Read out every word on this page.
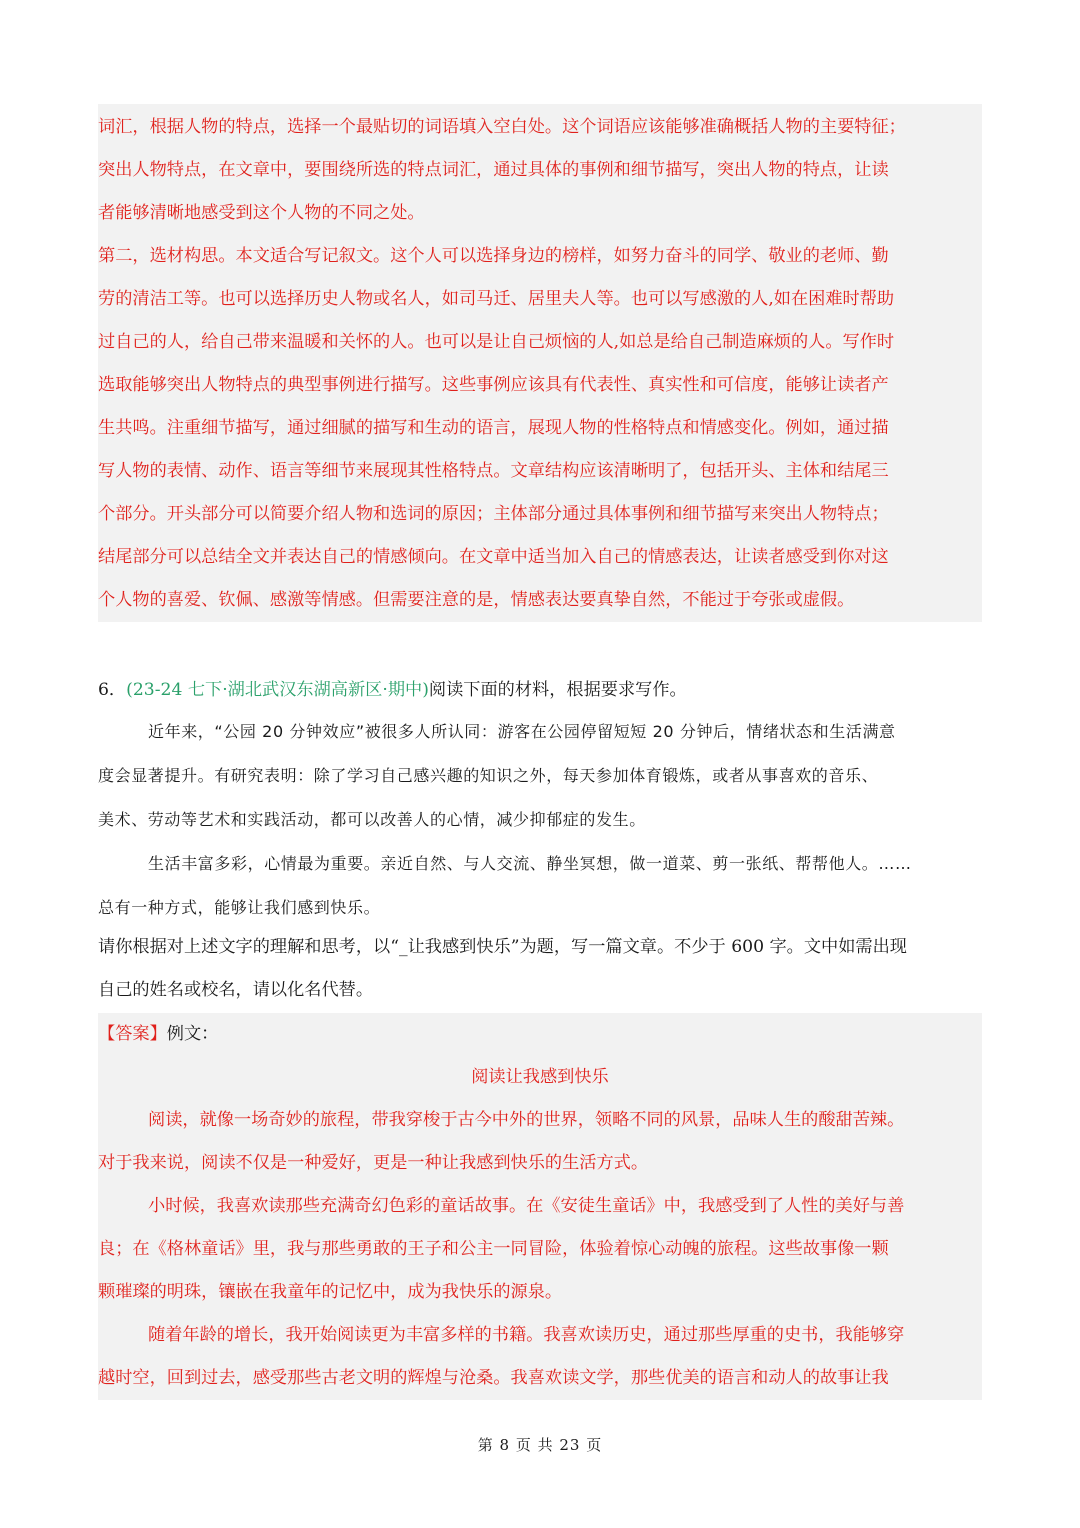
词汇，根据人物的特点，选择一个最贴切的词语填入空白处。这个词语应该能够准确概括人物的主要特征；
突出人物特点，在文章中，要围绕所选的特点词汇，通过具体的事例和细节描写，突出人物的特点，让读
者能够清晰地感受到这个人物的不同之处。
第二，选材构思。本文适合写记叙文。这个人可以选择身边的榜样，如努力奋斗的同学、敬业的老师、勤
劳的清洁工等。也可以选择历史人物或名人，如司马迁、居里夫人等。也可以写感激的人,如在困难时帮助
过自己的人，给自己带来温暖和关怀的人。也可以是让自己烦恼的人,如总是给自己制造麻烦的人。写作时
选取能够突出人物特点的典型事例进行描写。这些事例应该具有代表性、真实性和可信度，能够让读者产
生共鸣。注重细节描写，通过细腻的描写和生动的语言，展现人物的性格特点和情感变化。例如，通过描
写人物的表情、动作、语言等细节来展现其性格特点。文章结构应该清晰明了，包括开头、主体和结尾三
个部分。开头部分可以简要介绍人物和选词的原因；主体部分通过具体事例和细节描写来突出人物特点；
结尾部分可以总结全文并表达自己的情感倾向。在文章中适当加入自己的情感表达，让读者感受到你对这
个人物的喜爱、钦佩、感激等情感。但需要注意的是，情感表达要真挚自然，不能过于夸张或虚假。
6．(23-24 七下·湖北武汉东湖高新区·期中)阅读下面的材料，根据要求写作。
近年来，“公园 20 分钟效应”被很多人所认同：游客在公园停留短短 20 分钟后，情绪状态和生活满意
度会显著提升。有研究表明：除了学习自己感兴趣的知识之外，每天参加体育锻炼，或者从事喜欢的音乐、
美术、劳动等艺术和实践活动，都可以改善人的心情，减少抑郁症的发生。
生活丰富多彩，心情最为重要。亲近自然、与人交流、静坐冥想，做一道菜、剪一张纸、帮帮他人。……
总有一种方式，能够让我们感到快乐。
请你根据对上述文字的理解和思考，以“_让我感到快乐”为题，写一篇文章。不少于 600 字。文中如需出现
自己的姓名或校名，请以化名代替。
【答案】例文：
阅读让我感到快乐
阅读，就像一场奇妙的旅程，带我穿梭于古今中外的世界，领略不同的风景，品味人生的酸甜苦辣。
对于我来说，阅读不仅是一种爱好，更是一种让我感到快乐的生活方式。
小时候，我喜欢读那些充满奇幻色彩的童话故事。在《安徒生童话》中，我感受到了人性的美好与善
良；在《格林童话》里，我与那些勇敢的王子和公主一同冒险，体验着惊心动魄的旅程。这些故事像一颗
颗璀璨的明珠，镶嵌在我童年的记忆中，成为我快乐的源泉。
随着年龄的增长，我开始阅读更为丰富多样的书籍。我喜欢读历史，通过那些厚重的史书，我能够穿
越时空，回到过去，感受那些古老文明的辉煌与沧桑。我喜欢读文学，那些优美的语言和动人的故事让我
第 8 页 共 23 页
